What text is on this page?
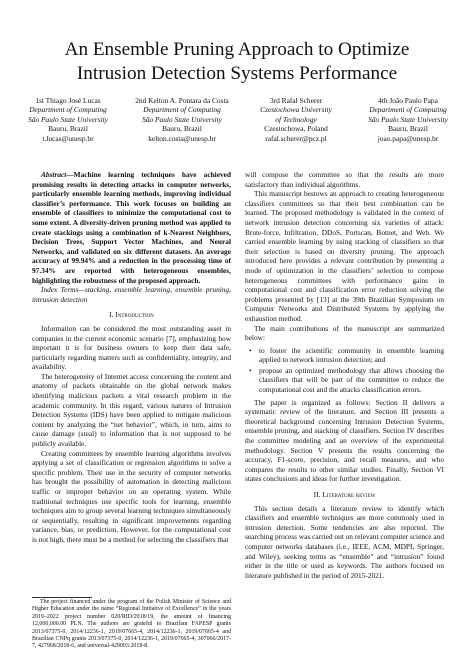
An Ensemble Pruning Approach to Optimize
Intrusion Detection Systems Performance
1st Thiago José Lucas
Department of Computing
São Paulo State University
Bauru, Brazil
t.lucas@unesp.br
2nd Kelton A. Pontara da Costa
Department of Computing
São Paulo State University
Bauru, Brazil
kelton.costa@unesp.br
3rd Rafał Scherer
Czestochowa University
of Technology
Czestochowa, Poland
rafal.scherer@pcz.pl
4th João Paulo Papa
Department of Computing
São Paulo State University
Bauru, Brazil
joao.papa@unesp.br

Abstract—Machine learning techniques have achieved promising results in detecting attacks in computer networks, particularly ensemble learning methods, improving individual classifier’s performance. This work focuses on building an ensemble of classifiers to minimize the computational cost to some extent. A diversity-driven pruning method was applied to create stackings using a combination of k-Nearest Neighbors, Decision Trees, Support Vector Machines, and Neural Networks, and validated on six different datasets. An average accuracy of 99.94% and a reduction in the processing time of 97.34% are reported with heterogeneous ensembles, highlighting the robustness of the proposed approach.

Index Terms—stacking, ensemble learning, ensemble pruning, intrusion detection

I. Introduction

Information can be considered the most outstanding asset in companies in the current economic scenario [7], emphasizing how important it is for business owners to keep their data safe, particularly regarding matters such as confidentiality, integrity, and availability.

The heterogeneity of Internet access concerning the content and anatomy of packets obtainable on the global network makes identifying malicious packets a vital research problem in the academic community. In this regard, various natures of Intrusion Detection Systems (IDS) have been applied to mitigate malicious content by analyzing the “net behavior”, which, in turn, aims to cause damage (steal) to information that is not supposed to be publicly available.

Creating committees by ensemble learning algorithms involves applying a set of classification or regression algorithms to solve a specific problem. Their use in the security of computer networks has brought the possibility of automation in detecting malicious traffic or improper behavior on an operating system. While traditional techniques use specific tools for learning, ensemble techniques aim to group several learning techniques simultaneously or sequentially, resulting in significant improvements regarding variance, bias, or prediction. However, for the computational cost is not high, there must be a method for selecting the classifiers that

The project financed under the program of the Polish Minister of Science and Higher Education under the name “Regional Initiative of Excellence” in the years 2019–2022 project number 020/RID/2018/19, the amount of financing 12,000,000.00 PLN. The authors are grateful to Brazilian FAPESP grants 2013/07375-0, 2014/12236-1, 2019/07665-4, 2014/12236-1, 2019/07665-4 and Brazilian CNPq grants 2013/07375-0, 2014/12236-1, 2019/07665-4, 307066/2017-7, 427968/2018-6, and universal-429003:2018-8.

will compose the committee so that the results are more satisfactory than individual algorithms.

This manuscript bestows an approach to creating heterogeneous classifiers committees so that their best combination can be learned. The proposed methodology is validated in the context of network intrusion detection concerning six varieties of attack: Brute-force, Infiltration, DDoS, Portscan, Botnet, and Web. We carried ensemble learning by using stacking of classifiers so that their selection is based on diversity pruning. The approach introduced here provides a relevant contribution by presenting a mode of optimization in the classifiers’ selection to compose heterogeneous committees with performance gains in computational cost and classification error reduction solving the problems presented by [13] at the 39th Brazilian Symposium on Computer Networks and Distributed Systems by applying the exhaustion method.

The main contributions of the manuscript are summarized below:

• to foster the scientific community in ensemble learning applied to network intrusion detection; and
• propose an optimized methodology that allows choosing the classifiers that will be part of the committee to reduce the computational cost and the attacks classification errors.

The paper is organized as follows: Section II delivers a systematic review of the literature, and Section III presents a theoretical background concerning Intrusion Detection Systems, ensemble pruning, and stacking of classifiers. Section IV describes the committee modeling and an overview of the experimental methodology. Section V presents the results concerning the accuracy, F1-score, precision, and recall measures, and who compares the results to other similar studies. Finally, Section VI states conclusions and ideas for further investigation.

II. Literature review

This section details a literature review to identify which classifiers and ensemble techniques are more commonly used in intrusion detection. Some tendencies are also reported. The searching process was carried out on relevant computer science and computer networks databases (i.e., IEEE, ACM, MDPI, Springer, and Wiley), seeking terms as “ensemble” and “intrusion” found either in the title or used as keywords. The authors focused on literature published in the period of 2015-2021.
